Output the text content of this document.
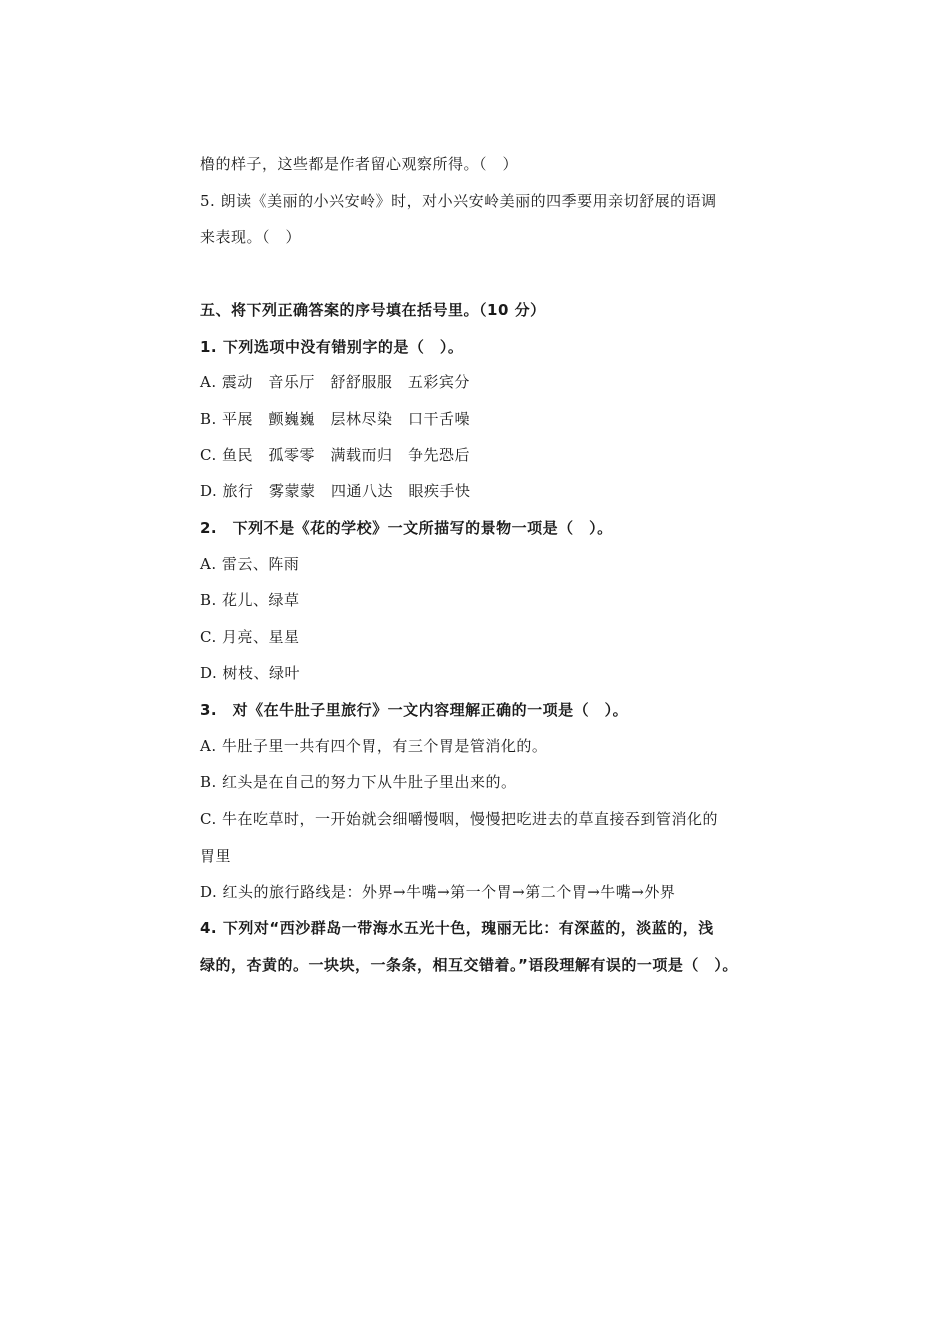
橹的样子，这些都是作者留心观察所得。（　）
5. 朗读《美丽的小兴安岭》时，对小兴安岭美丽的四季要用亲切舒展的语调
来表现。（　）
五、将下列正确答案的序号填在括号里。（10 分）
1. 下列选项中没有错别字的是（　）。
A. 震动　音乐厅　舒舒服服　五彩宾分
B. 平展　颤巍巍　层林尽染　口干舌噪
C. 鱼民　孤零零　满载而归　争先恐后
D. 旅行　雾蒙蒙　四通八达　眼疾手快
2.　下列不是《花的学校》一文所描写的景物一项是（　）。
A. 雷云、阵雨
B. 花儿、绿草
C. 月亮、星星
D. 树枝、绿叶
3.　对《在牛肚子里旅行》一文内容理解正确的一项是（　）。
A. 牛肚子里一共有四个胃，有三个胃是管消化的。
B. 红头是在自己的努力下从牛肚子里出来的。
C. 牛在吃草时，一开始就会细嚼慢咽，慢慢把吃进去的草直接吞到管消化的
胃里
D. 红头的旅行路线是：外界→牛嘴→第一个胃→第二个胃→牛嘴→外界
4. 下列对“西沙群岛一带海水五光十色，瑰丽无比：有深蓝的，淡蓝的，浅
绿的，杏黄的。一块块，一条条，相互交错着。”语段理解有误的一项是（　）。
